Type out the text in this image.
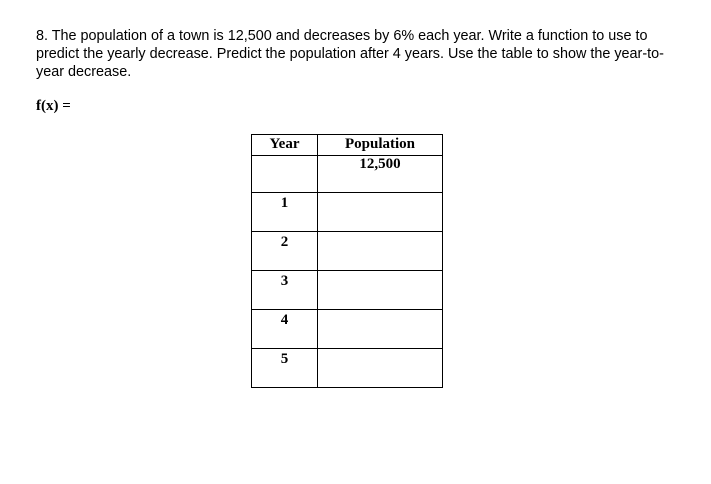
8. The population of a town is 12,500 and decreases by 6% each year. Write a function to use to predict the yearly decrease. Predict the population after 4 years. Use the table to show the year-to-year decrease.

f(x) =

Year	Population

	12,500
1	
2	
3	
4	
5	
